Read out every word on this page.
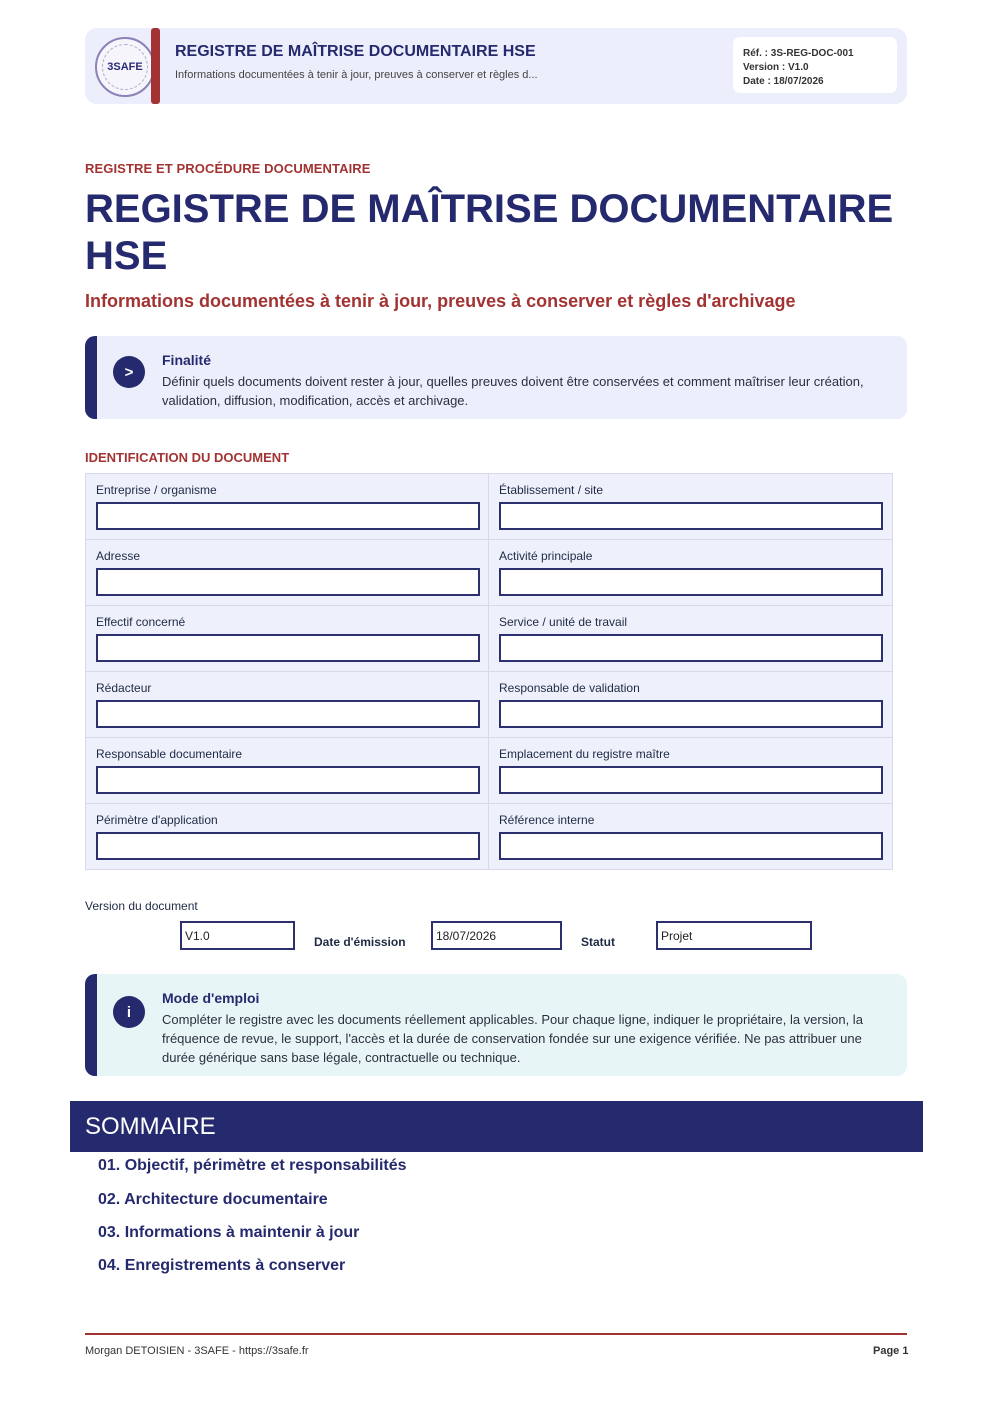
3SAFE
REGISTRE DE MAÎTRISE DOCUMENTAIRE HSE
Informations documentées à tenir à jour, preuves à conserver et règles d...
Réf. : 3S-REG-DOC-001
Version : V1.0
Date : 18/07/2026
REGISTRE ET PROCÉDURE DOCUMENTAIRE
REGISTRE DE MAÎTRISE DOCUMENTAIRE HSE
Informations documentées à tenir à jour, preuves à conserver et règles d'archivage
>
Finalité
Définir quels documents doivent rester à jour, quelles preuves doivent être conservées et comment maîtriser leur création, validation, diffusion, modification, accès et archivage.
IDENTIFICATION DU DOCUMENT
Entreprise / organisme	Établissement / site
Adresse	Activité principale
Effectif concerné	Service / unité de travail
Rédacteur	Responsable de validation
Responsable documentaire	Emplacement du registre maître
Périmètre d'application	Référence interne
Version du document
V1.0
Date d'émission
18/07/2026	Statut
Projet
i
Mode d'emploi
Compléter le registre avec les documents réellement applicables. Pour chaque ligne, indiquer le propriétaire, la version, la fréquence de revue, le support, l'accès et la durée de conservation fondée sur une exigence vérifiée. Ne pas attribuer une durée générique sans base légale, contractuelle ou technique.
SOMMAIRE
01. Objectif, périmètre et responsabilités
02. Architecture documentaire
03. Informations à maintenir à jour
04. Enregistrements à conserver
Morgan DETOISIEN - 3SAFE - https://3safe.fr	Page 1
